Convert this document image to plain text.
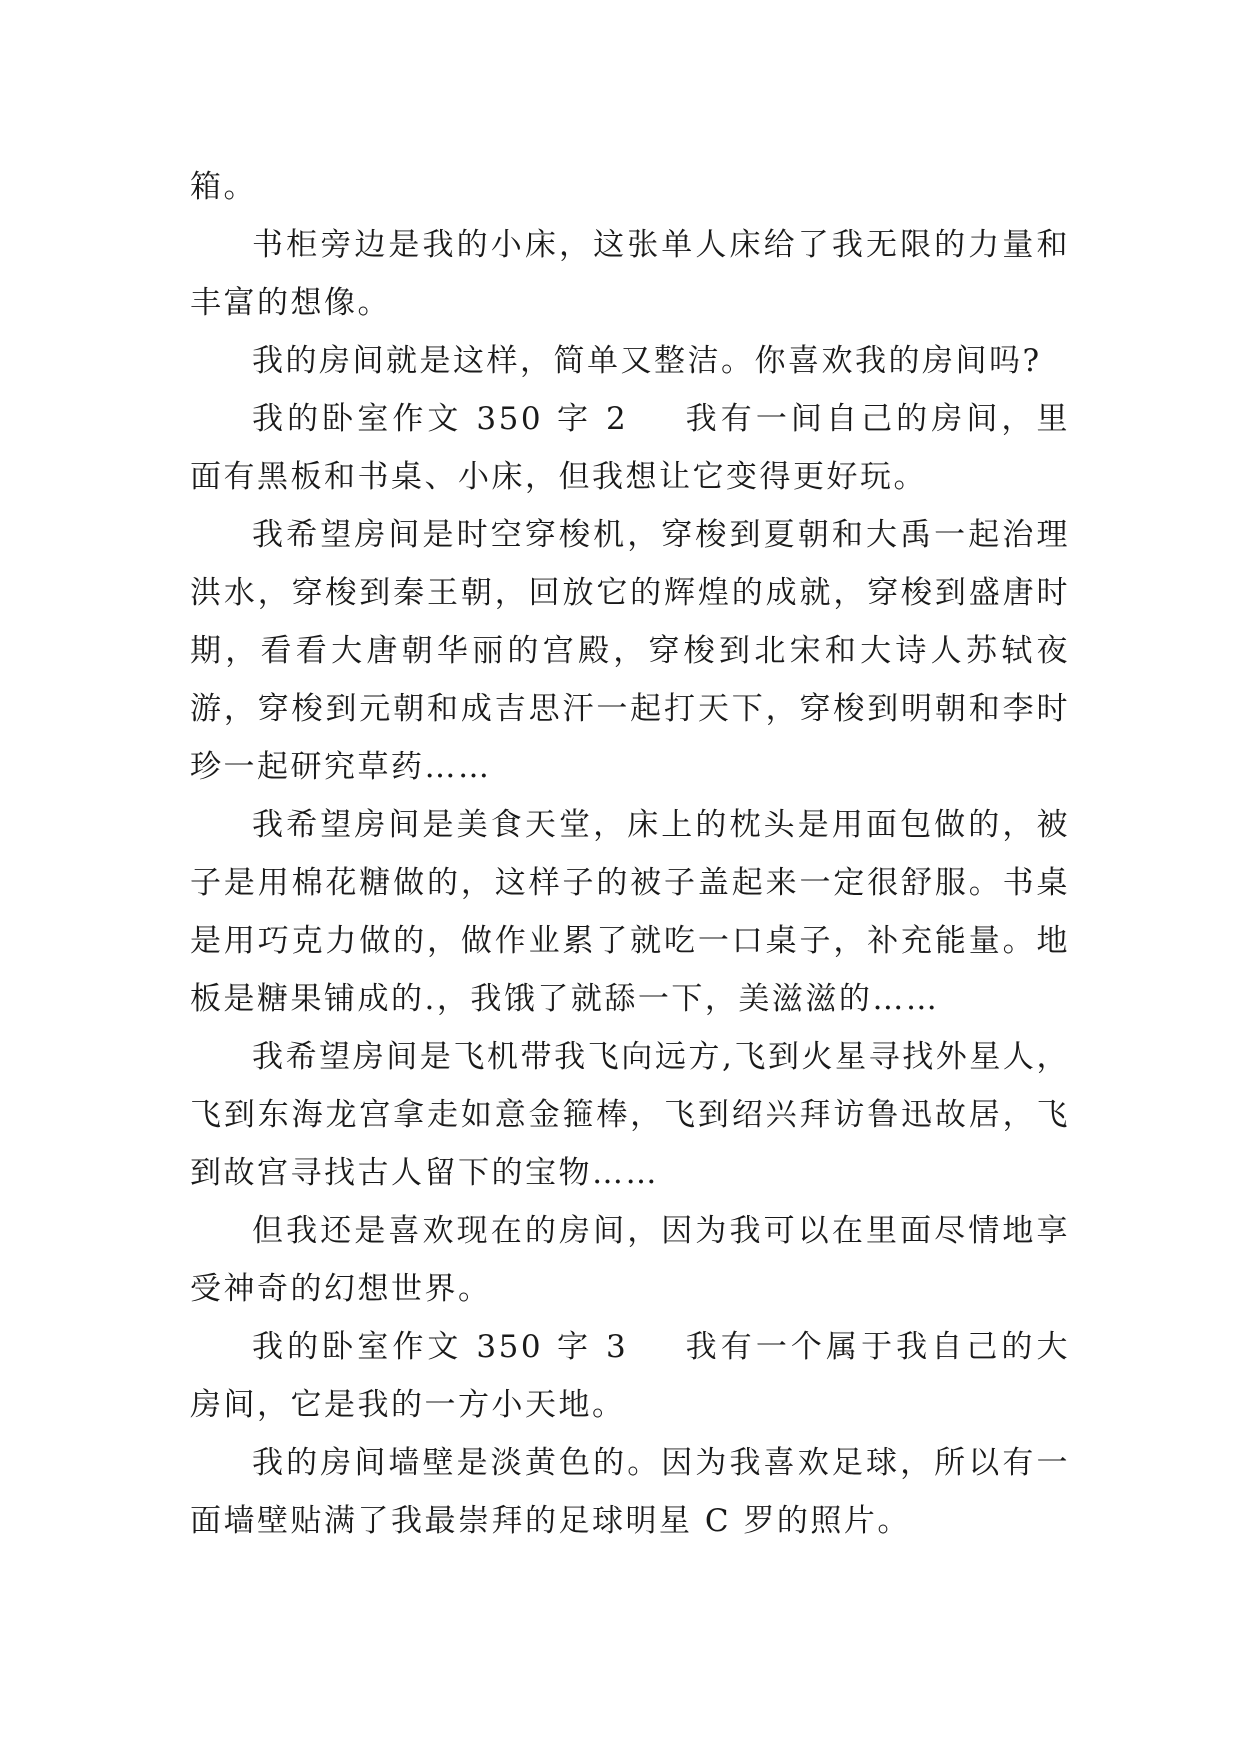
箱。

书柜旁边是我的小床，这张单人床给了我无限的力量和丰富的想像。

我的房间就是这样，简单又整洁。你喜欢我的房间吗?

我的卧室作文 350 字 2 我有一间自己的房间，里面有黑板和书桌、小床，但我想让它变得更好玩。

我希望房间是时空穿梭机，穿梭到夏朝和大禹一起治理洪水，穿梭到秦王朝，回放它的辉煌的成就，穿梭到盛唐时期，看看大唐朝华丽的宫殿，穿梭到北宋和大诗人苏轼夜游，穿梭到元朝和成吉思汗一起打天下，穿梭到明朝和李时珍一起研究草药……

我希望房间是美食天堂，床上的枕头是用面包做的，被子是用棉花糖做的，这样子的被子盖起来一定很舒服。书桌是用巧克力做的，做作业累了就吃一口桌子，补充能量。地板是糖果铺成的.，我饿了就舔一下，美滋滋的……

我希望房间是飞机带我飞向远方,飞到火星寻找外星人，飞到东海龙宫拿走如意金箍棒，飞到绍兴拜访鲁迅故居，飞到故宫寻找古人留下的宝物……

但我还是喜欢现在的房间，因为我可以在里面尽情地享受神奇的幻想世界。

我的卧室作文 350 字 3 我有一个属于我自己的大房间，它是我的一方小天地。

我的房间墙壁是淡黄色的。因为我喜欢足球，所以有一面墙壁贴满了我最崇拜的足球明星 C 罗的照片。
